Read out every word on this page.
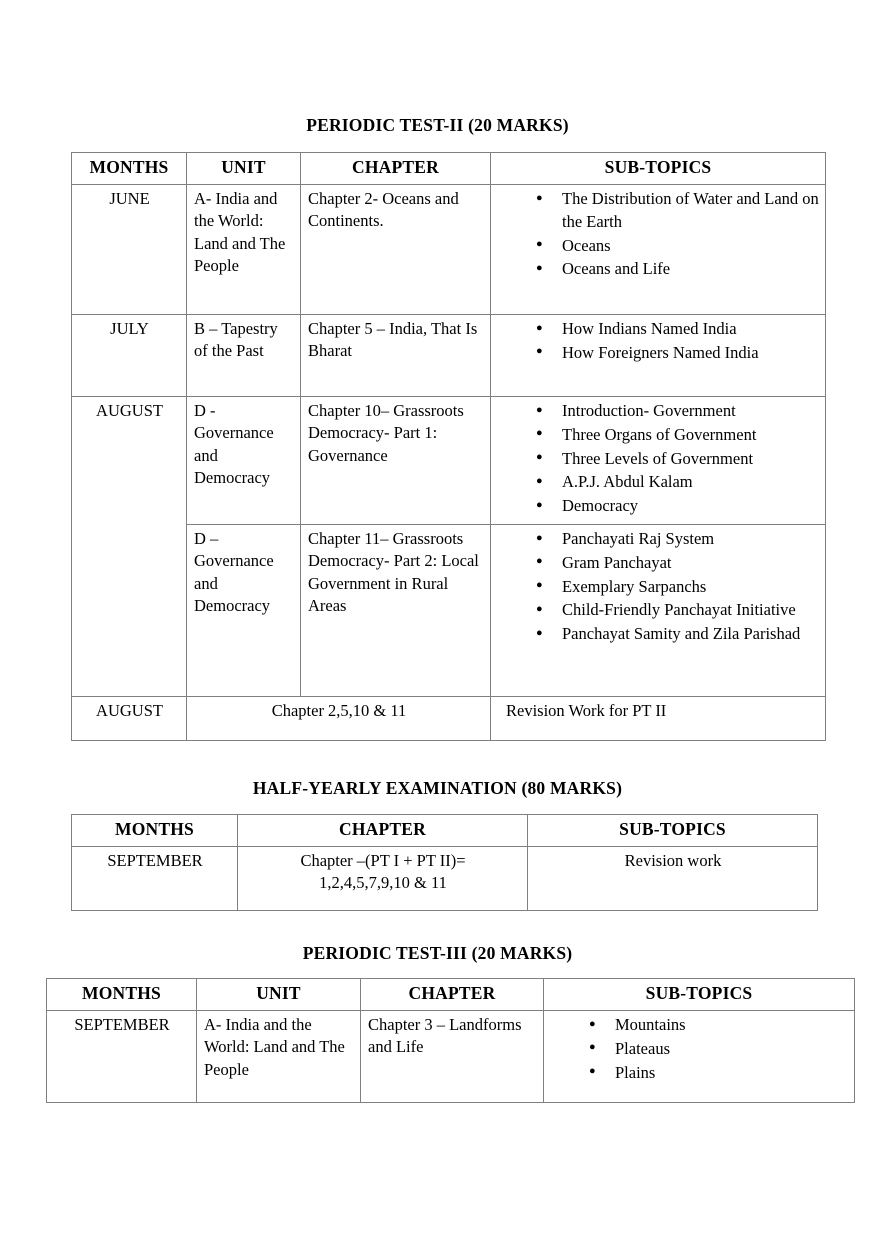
PERIODIC TEST-II (20 MARKS)
MONTHS	UNIT	CHAPTER	SUB-TOPICS
JUNE	A- India and the World: Land and The People	Chapter 2- Oceans and Continents.	
● The Distribution of Water and Land on the Earth
● Oceans
● Oceans and Life

JULY	B – Tapestry of the Past	Chapter 5 – India, That Is Bharat	
● How Indians Named India
● How Foreigners Named India

AUGUST	D - Governance and Democracy	Chapter 10– Grassroots Democracy- Part 1: Governance	
● Introduction- Government
● Three Organs of Government
● Three Levels of Government
● A.P.J. Abdul Kalam
● Democracy

D – Governance and Democracy	Chapter 11– Grassroots Democracy- Part 2: Local Government in Rural Areas	
● Panchayati Raj System
● Gram Panchayat
● Exemplary Sarpanchs
● Child-Friendly Panchayat Initiative
● Panchayat Samity and Zila Parishad

AUGUST	Chapter 2,5,10 & 11		Revision Work for PT II
HALF-YEARLY EXAMINATION (80 MARKS)
MONTHS	CHAPTER	SUB-TOPICS
SEPTEMBER	Chapter –(PT I + PT II)=
1,2,4,5,7,9,10 & 11	Revision work
PERIODIC TEST-III (20 MARKS)
MONTHS	UNIT	CHAPTER	SUB-TOPICS
SEPTEMBER	A- India and the World: Land and The People	Chapter 3 – Landforms and Life	
● Mountains
● Plateaus
● Plains
